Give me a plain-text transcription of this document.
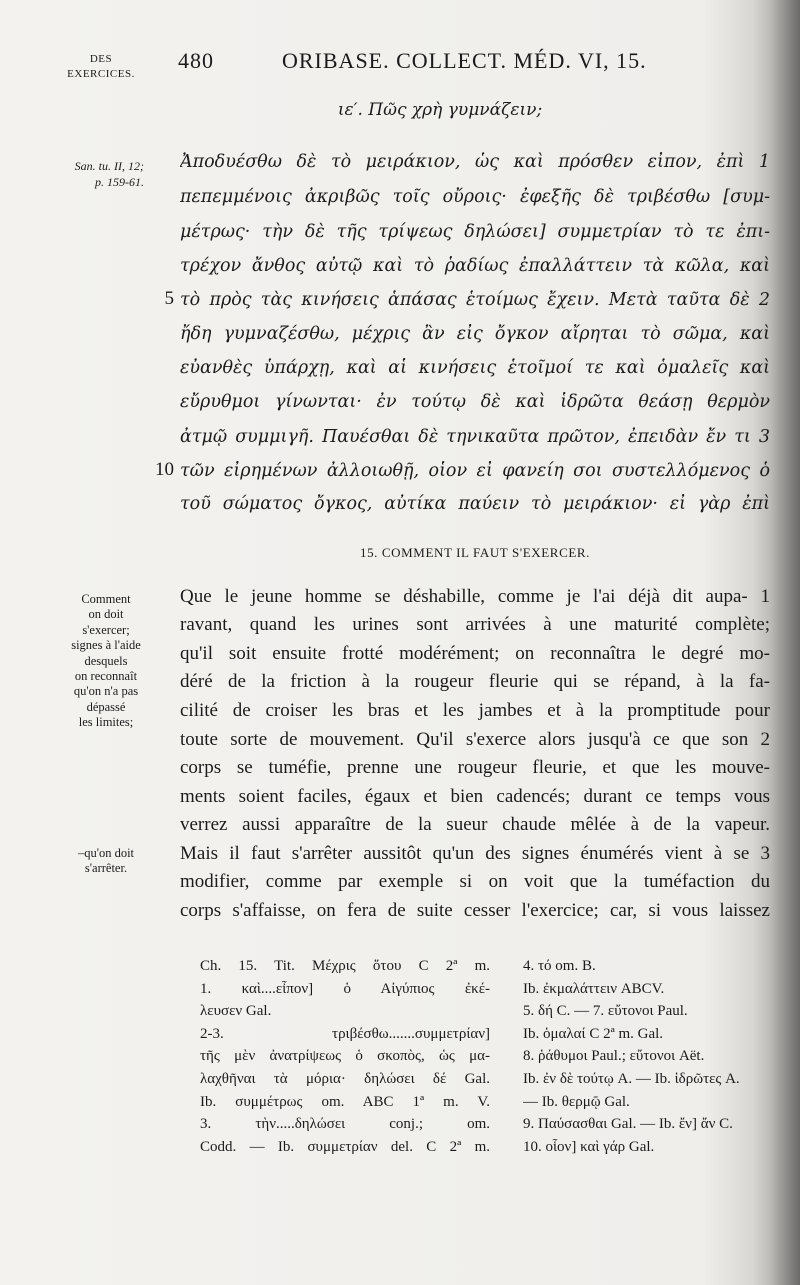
DES
EXERCICES.
480	ORIBASE. COLLECT. MÉD. VI, 15.
ιε′. Πῶς χρὴ γυμνάζειν;
San. tu. II, 12;
p. 159-61.
Ἀποδυέσθω δὲ τὸ μειράκιον, ὡς καὶ πρόσθεν εἶπον, ἐπὶ 1
πεπεμμένοις ἀκριβῶς τοῖς οὔροις· ἐφεξῆς δὲ τριβέσθω [συμ-
μέτρως· τὴν δὲ τῆς τρίψεως δηλώσει] συμμετρίαν τὸ τε ἐπι-
τρέχον ἄνθος αὐτῷ καὶ τὸ ῥαδίως ἐπαλλάττειν τὰ κῶλα, καὶ
τὸ πρὸς τὰς κινήσεις ἁπάσας ἑτοίμως ἔχειν. Μετὰ ταῦτα δὲ 2
ἤδη γυμναζέσθω, μέχρις ἂν εἰς ὄγκον αἴρηται τὸ σῶμα, καὶ
εὐανθὲς ὑπάρχῃ, καὶ αἱ κινήσεις ἑτοῖμοί τε καὶ ὁμαλεῖς καὶ
εὔρυθμοι γίνωνται· ἐν τούτῳ δὲ καὶ ἱδρῶτα θεάσῃ θερμὸν
ἀτμῷ συμμιγῆ. Παυέσθαι δὲ τηνικαῦτα πρῶτον, ἐπειδὰν ἔν τι 3
τῶν εἰρημένων ἀλλοιωθῇ, οἷον εἰ φανείη σοι συστελλόμενος ὁ
τοῦ σώματος ὄγκος, αὐτίκα παύειν τὸ μειράκιον· εἰ γὰρ ἐπὶ
5
10
15. COMMENT IL FAUT S'EXERCER.
Que le jeune homme se déshabille, comme je l'ai déjà dit aupa- 1
ravant, quand les urines sont arrivées à une maturité complète;
qu'il soit ensuite frotté modérément; on reconnaîtra le degré mo-
déré de la friction à la rougeur fleurie qui se répand, à la fa-
cilité de croiser les bras et les jambes et à la promptitude pour
toute sorte de mouvement. Qu'il s'exerce alors jusqu'à ce que son 2
corps se tuméfie, prenne une rougeur fleurie, et que les mouve-
ments soient faciles, égaux et bien cadencés; durant ce temps vous
verrez aussi apparaître de la sueur chaude mêlée à de la vapeur.
Mais il faut s'arrêter aussitôt qu'un des signes énumérés vient à se 3
modifier, comme par exemple si on voit que la tuméfaction du
corps s'affaisse, on fera de suite cesser l'exercice; car, si vous laissez
Comment
on doit
s'exercer;
signes à l'aide
desquels
on reconnaît
qu'on n'a pas
dépassé
les limites;
–qu'on doit
s'arrêter.
Ch. 15. Tit. Μέχρις ὅτου C 2ª m.
1. καὶ....εἶπον] ὁ Αἰγύπιος ἐκέ-
λευσεν Gal.
2-3. τριβέσθω.......συμμετρίαν]
τῆς μὲν ἀνατρίψεως ὁ σκοπὸς, ὡς μα-
λαχθῆναι τὰ μόρια· δηλώσει δέ Gal.
Ib. συμμέτρως om. ABC 1ª m. V.
3. τὴν.....δηλώσει conj.; om.
Codd. — Ib. συμμετρίαν del. C 2ª m.
4. τό om. B.
Ib. ἐκμαλάττειν ABCV.
5. δή C. — 7. εὔτονοι Paul.
Ib. ὁμαλαί C 2ª m. Gal.
8. ῥάθυμοι Paul.; εὔτονοι Aët.
Ib. ἐν δὲ τούτῳ A. — Ib. ἱδρῶτες A.
— Ib. θερμῷ Gal.
9. Παύσασθαι Gal. — Ib. ἔν] ἄν C.
10. οἷον] καὶ γάρ Gal.
